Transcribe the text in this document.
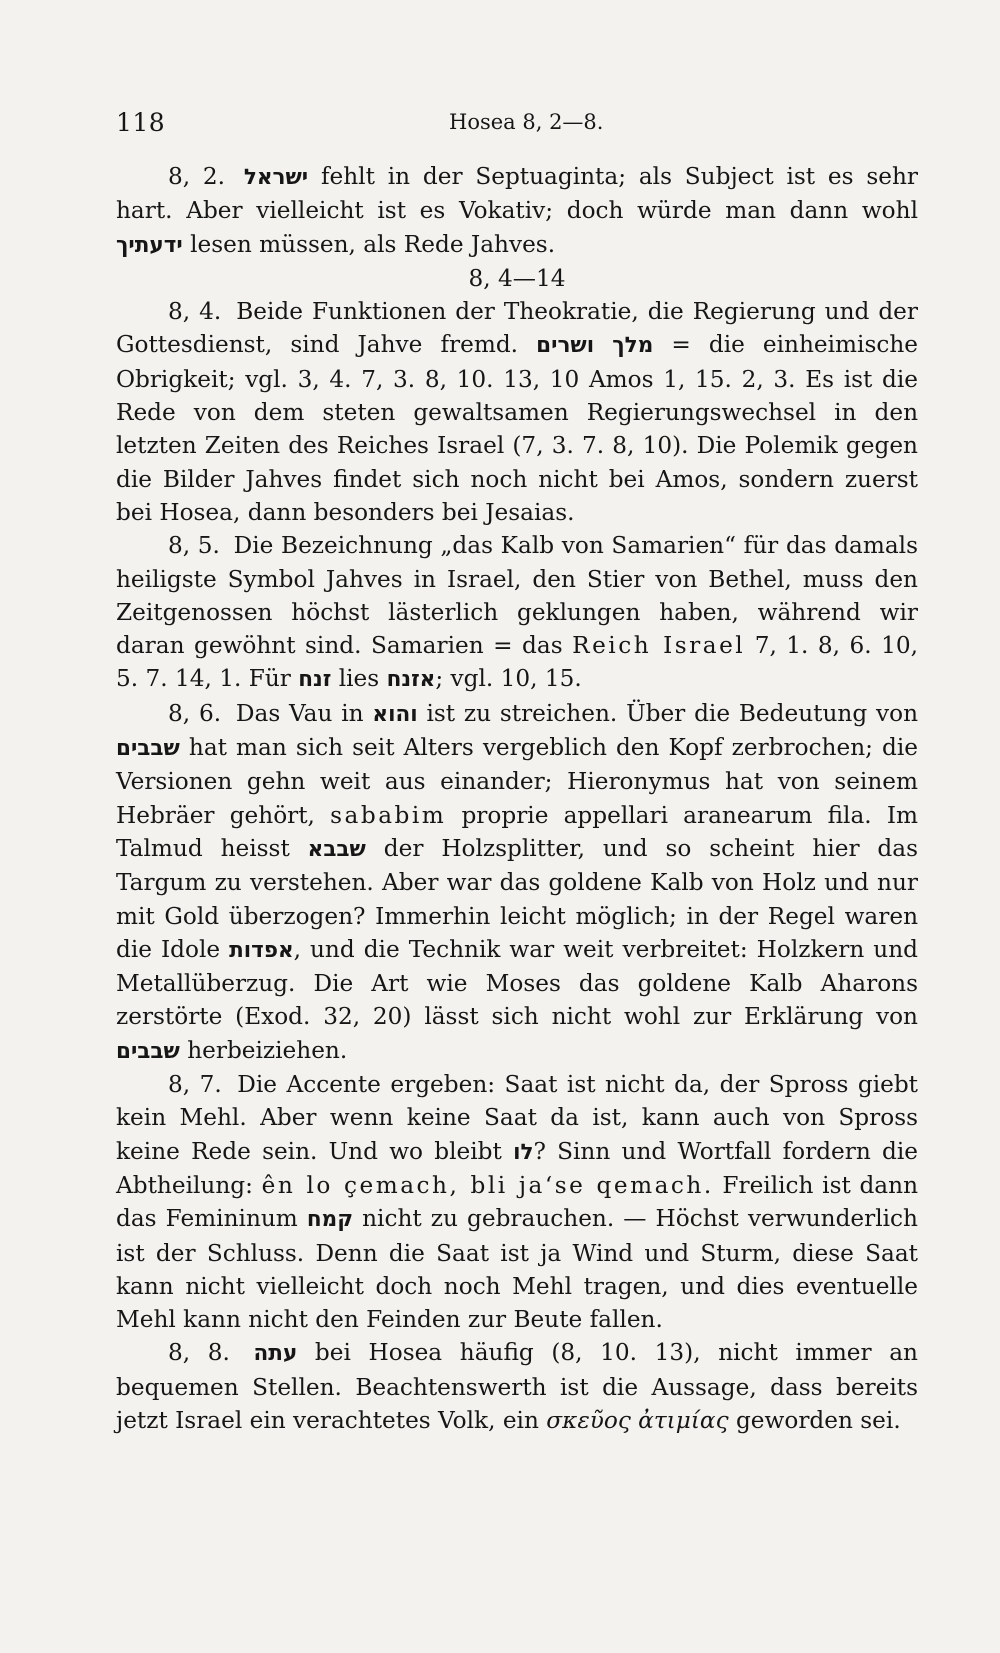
118	Hosea 8, 2—8.

8, 2. ישראל fehlt in der Septuaginta; als Subject ist es sehr hart. Aber vielleicht ist es Vokativ; doch würde man dann wohl ידעתיך lesen müssen, als Rede Jahves.

8, 4—14

8, 4. Beide Funktionen der Theokratie, die Regierung und der Gottesdienst, sind Jahve fremd. מלך ושרים = die einheimische Obrigkeit; vgl. 3, 4. 7, 3. 8, 10. 13, 10 Amos 1, 15. 2, 3. Es ist die Rede von dem steten gewaltsamen Regierungswechsel in den letzten Zeiten des Reiches Israel (7, 3. 7. 8, 10). Die Polemik gegen die Bilder Jahves findet sich noch nicht bei Amos, sondern zuerst bei Hosea, dann besonders bei Jesaias.

8, 5. Die Bezeichnung „das Kalb von Samarien“ für das damals heiligste Symbol Jahves in Israel, den Stier von Bethel, muss den Zeitgenossen höchst lästerlich geklungen haben, während wir daran gewöhnt sind. Samarien = das Reich Israel 7, 1. 8, 6. 10, 5. 7. 14, 1. Für זנח lies אזנח; vgl. 10, 15.

8, 6. Das Vau in והוא ist zu streichen. Über die Bedeutung von שבבים hat man sich seit Alters vergeblich den Kopf zerbrochen; die Versionen gehn weit aus einander; Hieronymus hat von seinem Hebräer gehört, sababim proprie appellari aranearum fila. Im Talmud heisst שבבא der Holzsplitter, und so scheint hier das Targum zu verstehen. Aber war das goldene Kalb von Holz und nur mit Gold überzogen? Immerhin leicht möglich; in der Regel waren die Idole אפדות, und die Technik war weit verbreitet: Holzkern und Metallüberzug. Die Art wie Moses das goldene Kalb Aharons zerstörte (Exod. 32, 20) lässt sich nicht wohl zur Erklärung von שבבים herbeiziehen.

8, 7. Die Accente ergeben: Saat ist nicht da, der Spross giebt kein Mehl. Aber wenn keine Saat da ist, kann auch von Spross keine Rede sein. Und wo bleibt לו? Sinn und Wortfall fordern die Abtheilung: ên lo çemach, bli ja‘se qemach. Freilich ist dann das Femininum קמח nicht zu gebrauchen. — Höchst verwunderlich ist der Schluss. Denn die Saat ist ja Wind und Sturm, diese Saat kann nicht vielleicht doch noch Mehl tragen, und dies eventuelle Mehl kann nicht den Feinden zur Beute fallen.

8, 8. עתה bei Hosea häufig (8, 10. 13), nicht immer an bequemen Stellen. Beachtenswerth ist die Aussage, dass bereits jetzt Israel ein verachtetes Volk, ein σκεῦος ἀτιμίας geworden sei.
